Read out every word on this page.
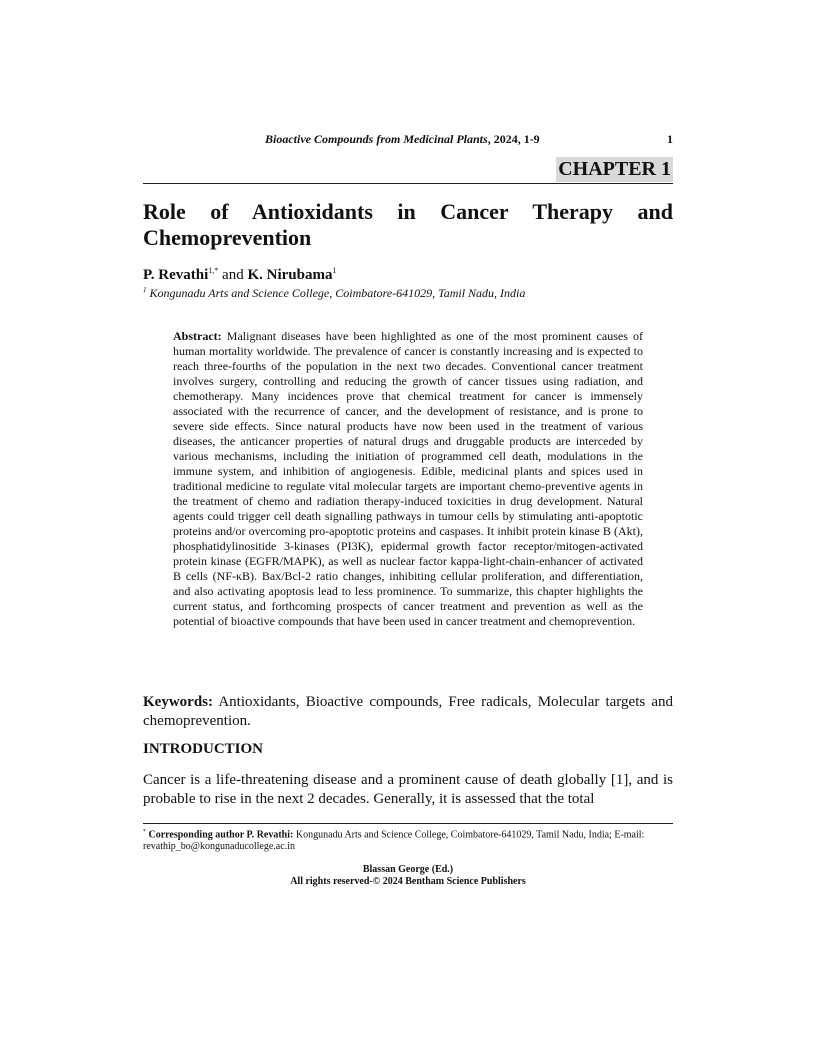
Bioactive Compounds from Medicinal Plants, 2024, 1-9	1
CHAPTER 1
Role of Antioxidants in Cancer Therapy and Chemoprevention
P. Revathi$^{1,*}$ and K. Nirubama$^1$
$^1$ Kongunadu Arts and Science College, Coimbatore-641029, Tamil Nadu, India

Abstract: Malignant diseases have been highlighted as one of the most prominent causes of human mortality worldwide. The prevalence of cancer is constantly increasing and is expected to reach three-fourths of the population in the next two decades. Conventional cancer treatment involves surgery, controlling and reducing the growth of cancer tissues using radiation, and chemotherapy. Many incidences prove that chemical treatment for cancer is immensely associated with the recurrence of cancer, and the development of resistance, and is prone to severe side effects. Since natural products have now been used in the treatment of various diseases, the anticancer properties of natural drugs and druggable products are interceded by various mechanisms, including the initiation of programmed cell death, modulations in the immune system, and inhibition of angiogenesis. Edible, medicinal plants and spices used in traditional medicine to regulate vital molecular targets are important chemo-preventive agents in the treatment of chemo and radiation therapy-induced toxicities in drug development. Natural agents could trigger cell death signalling pathways in tumour cells by stimulating anti-apoptotic proteins and/or overcoming pro-apoptotic proteins and caspases. It inhibit protein kinase B (Akt), phosphatidylinositide 3-kinases (PI3K), epidermal growth factor receptor/mitogen-activated protein kinase (EGFR/MAPK), as well as nuclear factor kappa-light-chain-enhancer of activated B cells (NF-κB). Bax/Bcl-2 ratio changes, inhibiting cellular proliferation, and differentiation, and also activating apoptosis lead to less prominence. To summarize, this chapter highlights the current status, and forthcoming prospects of cancer treatment and prevention as well as the potential of bioactive compounds that have been used in cancer treatment and chemoprevention.

Keywords: Antioxidants, Bioactive compounds, Free radicals, Molecular targets and chemoprevention.

INTRODUCTION

Cancer is a life-threatening disease and a prominent cause of death globally [1], and is probable to rise in the next 2 decades. Generally, it is assessed that the total

* Corresponding author P. Revathi: Kongunadu Arts and Science College, Coimbatore-641029, Tamil Nadu, India; E-mail: revathip_bo@kongunaducollege.ac.in

Blassan George (Ed.)
All rights reserved-© 2024 Bentham Science Publishers
